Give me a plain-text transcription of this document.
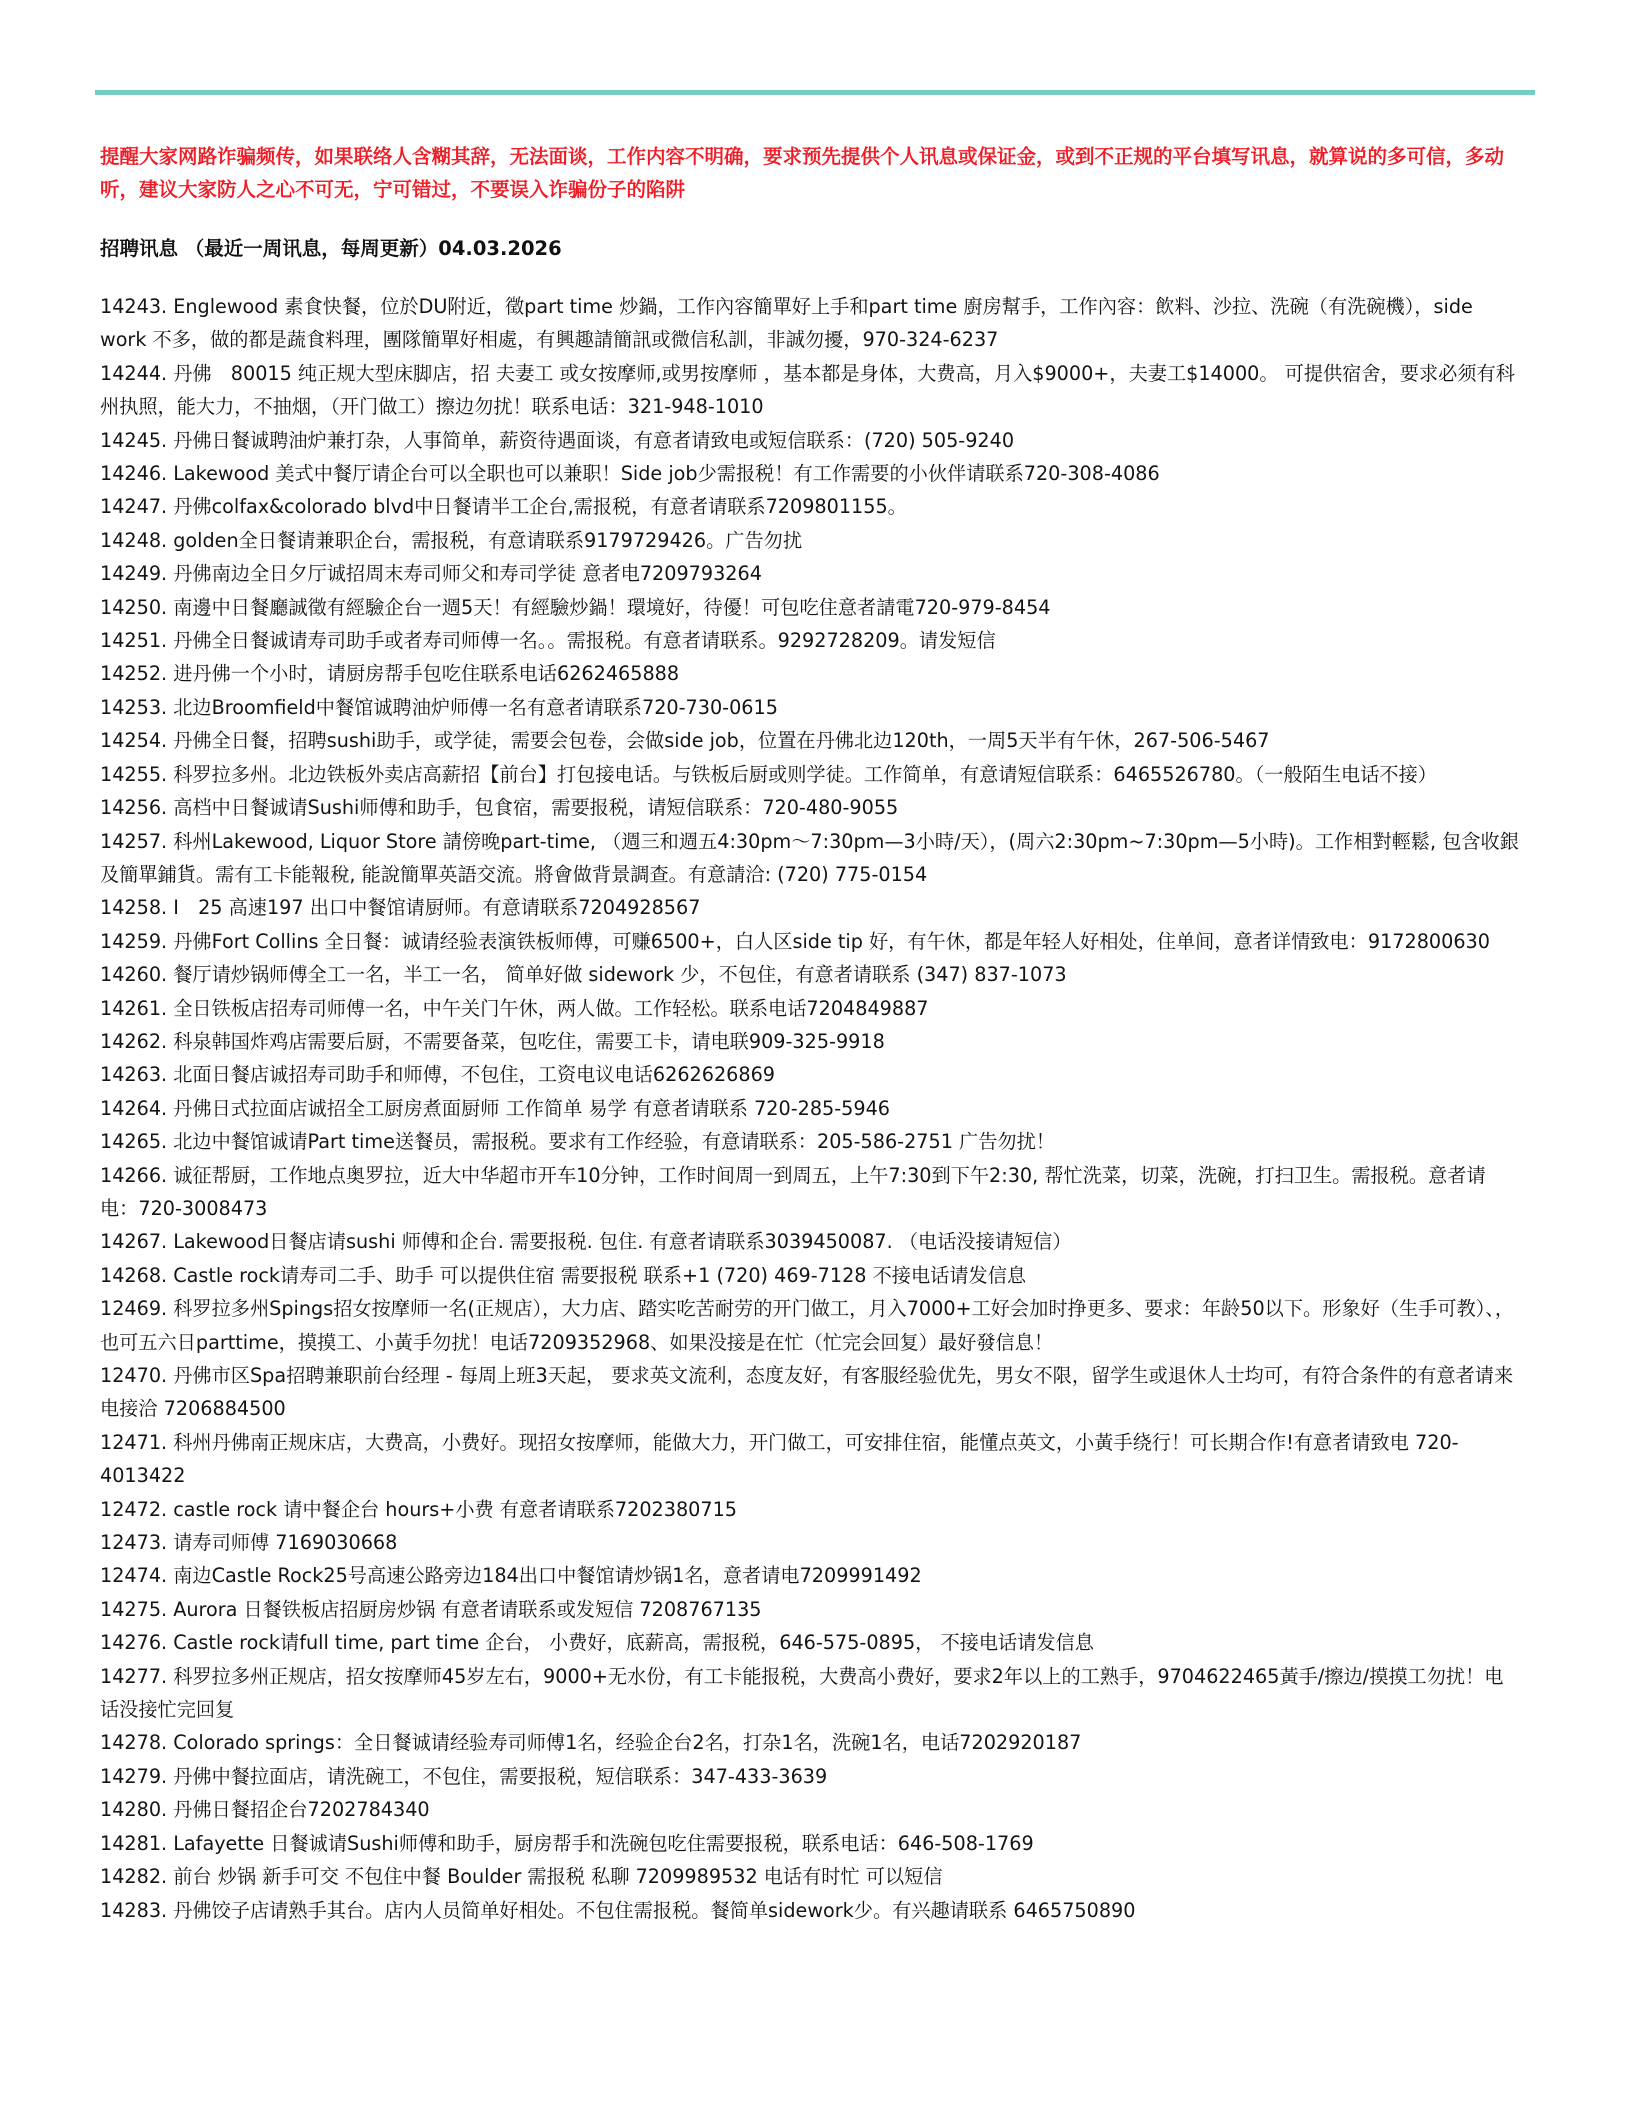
提醒大家网路诈骗频传，如果联络人含糊其辞，无法面谈，工作内容不明确，要求预先提供个人讯息或保证金，或到不正规的平台填写讯息，就算说的多可信，多动听，建议大家防人之心不可无，宁可错过，不要误入诈骗份子的陷阱
招聘讯息 （最近一周讯息，每周更新）04.03.2026
14243. Englewood 素食快餐，位於DU附近，徵part time 炒鍋，工作內容簡單好上手和part time 廚房幫手，工作內容：飲料、沙拉、洗碗（有洗碗機），side work 不多，做的都是蔬食料理，團隊簡單好相處，有興趣請簡訊或微信私訓，非誠勿擾，970-324-6237
14244. 丹佛　80015 纯正规大型床脚店，招 夫妻工 或女按摩师,或男按摩师 ，基本都是身体，大费高，月入$9000+，夫妻工$14000。 可提供宿舍，要求必须有科州执照，能大力，不抽烟，（开门做工）擦边勿扰！联系电话：321-948-1010
14245. 丹佛日餐诚聘油炉兼打杂，人事简单，薪资待遇面谈，有意者请致电或短信联系：(720) 505-9240
14246. Lakewood 美式中餐厅请企台可以全职也可以兼职！Side job少需报税！有工作需要的小伙伴请联系720-308-4086
14247. 丹佛colfax&colorado blvd中日餐请半工企台,需报税，有意者请联系7209801155。
14248. golden全日餐请兼职企台，需报税，有意请联系9179729426。广告勿扰
14249. 丹佛南边全日夕厅诚招周末寿司师父和寿司学徒 意者电7209793264
14250. 南邊中日餐廳誠徵有經驗企台一週5天！有經驗炒鍋！環境好，待優！可包吃住意者請電720-979-8454
14251. 丹佛全日餐诚请寿司助手或者寿司师傅一名。。需报税。有意者请联系。9292728209。请发短信
14252. 进丹佛一个小时，请厨房帮手包吃住联系电话6262465888
14253. 北边Broomfield中餐馆诚聘油炉师傅一名有意者请联系720-730-0615
14254. 丹佛全日餐，招聘sushi助手，或学徒，需要会包卷，会做side job，位置在丹佛北边120th，一周5天半有午休，267-506-5467
14255. 科罗拉多州。北边铁板外卖店高薪招【前台】打包接电话。与铁板后厨或则学徒。工作简单，有意请短信联系：6465526780。（一般陌生电话不接）
14256. 高档中日餐诚请Sushi师傅和助手，包食宿，需要报税，请短信联系：720-480-9055
14257. 科州Lakewood, Liquor Store 請傍晚part-time, （週三和週五4:30pm～7:30pm—3小時/天），(周六2:30pm~7:30pm—5小時)。工作相對輕鬆, 包含收銀及簡單鋪貨。需有工卡能報稅, 能說簡單英語交流。將會做背景調查。有意請洽: (720) 775-0154
14258. I　25 高速197 出口中餐馆请厨师。有意请联系7204928567
14259. 丹佛Fort Collins 全日餐：诚请经验表演铁板师傅，可赚6500+，白人区side tip 好，有午休，都是年轻人好相处，住单间，意者详情致电：9172800630
14260. 餐厅请炒锅师傅全工一名，半工一名， 简单好做 sidework 少，不包住，有意者请联系 (347) 837-1073
14261. 全日铁板店招寿司师傅一名，中午关门午休，两人做。工作轻松。联系电话7204849887
14262. 科泉韩国炸鸡店需要后厨，不需要备菜，包吃住，需要工卡，请电联909-325-9918
14263. 北面日餐店诚招寿司助手和师傅，不包住，工资电议电话6262626869
14264. 丹佛日式拉面店诚招全工厨房煮面厨师 工作简单 易学 有意者请联系 720-285-5946
14265. 北边中餐馆诚请Part time送餐员，需报税。要求有工作经验，有意请联系：205-586-2751 广告勿扰！
14266. 诚征帮厨，工作地点奥罗拉，近大中华超市开车10分钟，工作时间周一到周五，上午7:30到下午2:30, 帮忙洗菜，切菜，洗碗，打扫卫生。需报税。意者请电：720-3008473
14267. Lakewood日餐店请sushi 师傅和企台. 需要报税. 包住. 有意者请联系3039450087. （电话没接请短信）
14268. Castle rock请寿司二手、助手 可以提供住宿 需要报税 联系+1 (720) 469-7128 不接电话请发信息
12469. 科罗拉多州Spings招女按摩师一名(正规店），大力店、踏实吃苦耐劳的开门做工，月入7000+工好会加时挣更多、要求：年龄50以下。形象好（生手可教）、，也可五六日parttime，摸摸工、小黃手勿扰！电话7209352968、如果没接是在忙（忙完会回复）最好發信息！
12470. 丹佛市区Spa招聘兼职前台经理 - 每周上班3天起， 要求英文流利，态度友好，有客服经验优先，男女不限，留学生或退休人士均可，有符合条件的有意者请来电接洽 7206884500
12471. 科州丹佛南正规床店，大费高，小费好。现招女按摩师，能做大力，开门做工，可安排住宿，能懂点英文，小黃手绕行！可长期合作!有意者请致电 720-4013422
12472. castle rock 请中餐企台 hours+小费 有意者请联系7202380715
12473. 请寿司师傅 7169030668
12474. 南边Castle Rock25号高速公路旁边184出口中餐馆请炒锅1名，意者请电7209991492
14275. Aurora 日餐铁板店招厨房炒锅 有意者请联系或发短信 7208767135
14276. Castle rock请full time, part time 企台， 小费好，底薪高，需报税，646-575-0895， 不接电话请发信息
14277. 科罗拉多州正规店，招女按摩师45岁左右，9000+无水份，有工卡能报税，大费高小费好，要求2年以上的工熟手，9704622465黃手/擦边/摸摸工勿扰！电话没接忙完回复
14278. Colorado springs：全日餐诚请经验寿司师傅1名，经验企台2名，打杂1名，洗碗1名，电话7202920187
14279. 丹佛中餐拉面店，请洗碗工，不包住，需要报税，短信联系：347-433-3639
14280. 丹佛日餐招企台7202784340
14281. Lafayette 日餐诚请Sushi师傅和助手，厨房帮手和洗碗包吃住需要报税，联系电话：646-508-1769
14282. 前台 炒锅 新手可交 不包住中餐 Boulder 需报税 私聊 7209989532 电话有时忙 可以短信
14283. 丹佛饺子店请熟手其台。店内人员简单好相处。不包住需报税。餐简单sidework少。有兴趣请联系 6465750890
